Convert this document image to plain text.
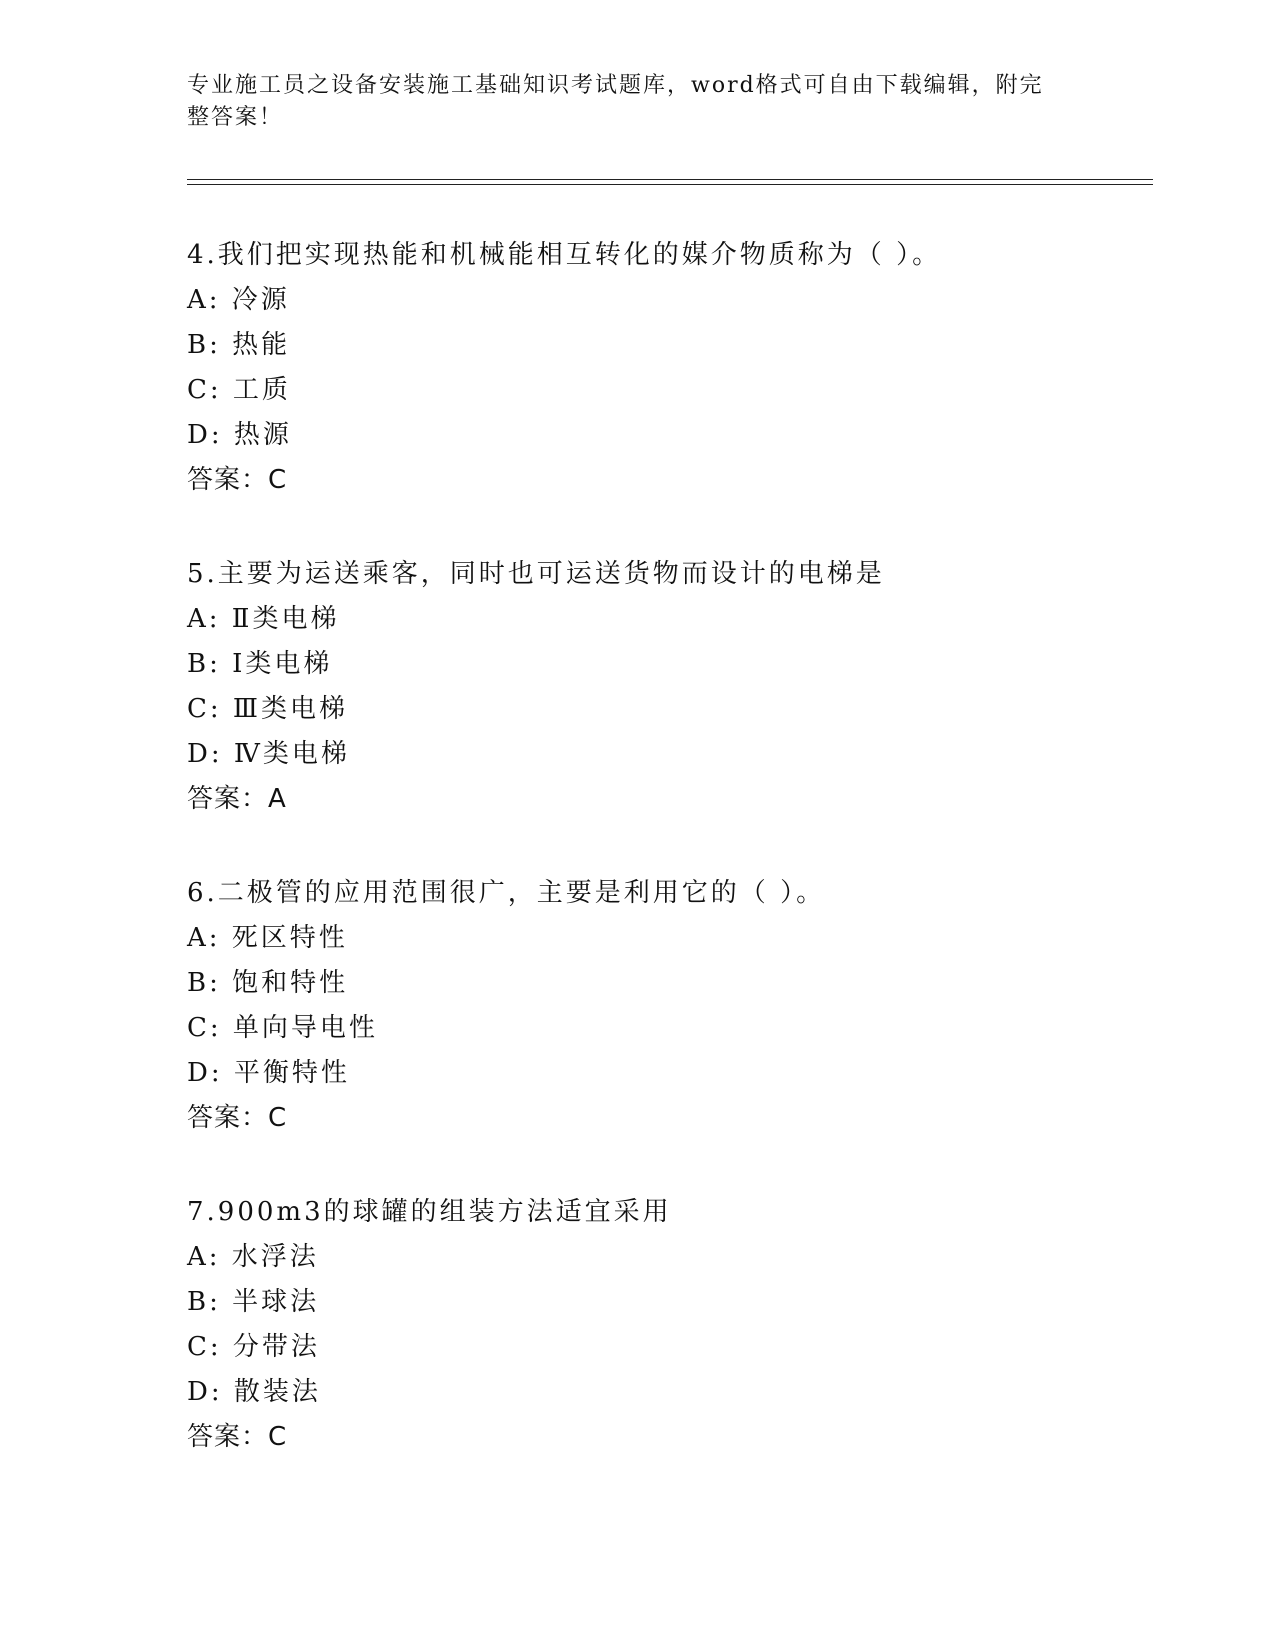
专业施工员之设备安装施工基础知识考试题库，word格式可自由下载编辑，附完整答案！
4.我们把实现热能和机械能相互转化的媒介物质称为（ ）。
A: 冷源
B: 热能
C: 工质
D: 热源
答案：C
5.主要为运送乘客，同时也可运送货物而设计的电梯是
A: Ⅱ类电梯
B: Ⅰ类电梯
C: Ⅲ类电梯
D: Ⅳ类电梯
答案：A
6.二极管的应用范围很广，主要是利用它的（ ）。
A: 死区特性
B: 饱和特性
C: 单向导电性
D: 平衡特性
答案：C
7.900m3的球罐的组装方法适宜采用
A: 水浮法
B: 半球法
C: 分带法
D: 散装法
答案：C
